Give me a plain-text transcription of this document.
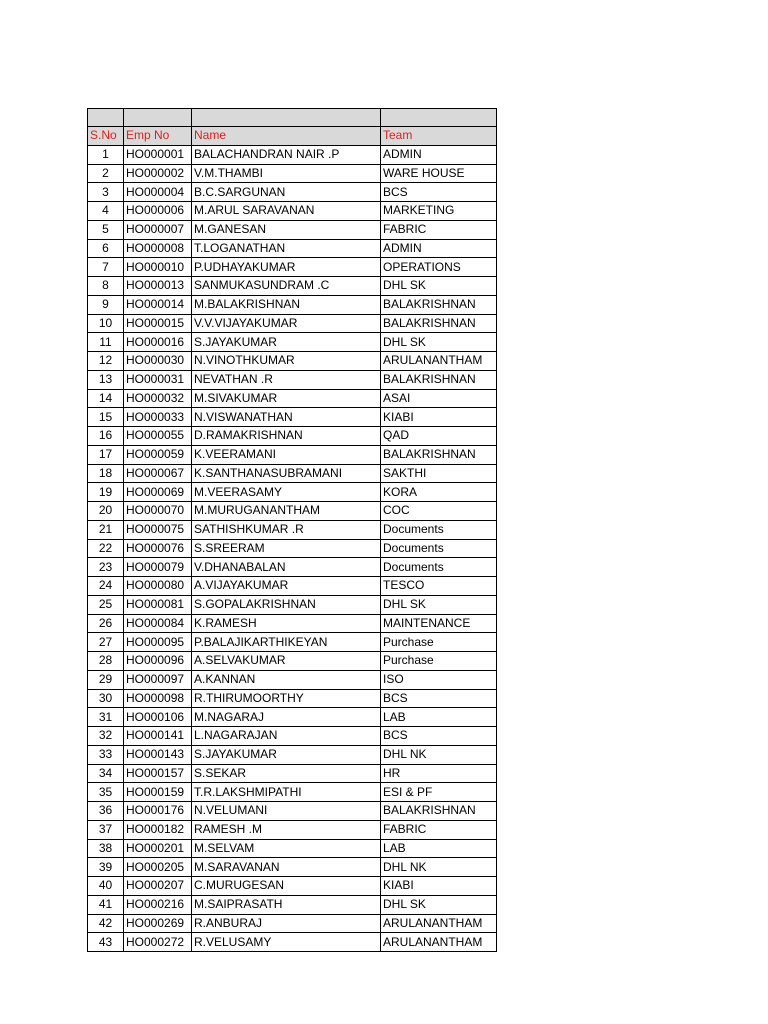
S.No	Emp No	Name	Team
1	HO000001	BALACHANDRAN NAIR .P	ADMIN
2	HO000002	V.M.THAMBI	WARE HOUSE
3	HO000004	B.C.SARGUNAN	BCS
4	HO000006	M.ARUL SARAVANAN	MARKETING
5	HO000007	M.GANESAN	FABRIC
6	HO000008	T.LOGANATHAN	ADMIN
7	HO000010	P.UDHAYAKUMAR	OPERATIONS
8	HO000013	SANMUKASUNDRAM .C	DHL SK
9	HO000014	M.BALAKRISHNAN	BALAKRISHNAN
10	HO000015	V.V.VIJAYAKUMAR	BALAKRISHNAN
11	HO000016	S.JAYAKUMAR	DHL SK
12	HO000030	N.VINOTHKUMAR	ARULANANTHAM
13	HO000031	NEVATHAN .R	BALAKRISHNAN
14	HO000032	M.SIVAKUMAR	ASAI
15	HO000033	N.VISWANATHAN	KIABI
16	HO000055	D.RAMAKRISHNAN	QAD
17	HO000059	K.VEERAMANI	BALAKRISHNAN
18	HO000067	K.SANTHANASUBRAMANI	SAKTHI
19	HO000069	M.VEERASAMY	KORA
20	HO000070	M.MURUGANANTHAM	COC
21	HO000075	SATHISHKUMAR .R	Documents
22	HO000076	S.SREERAM	Documents
23	HO000079	V.DHANABALAN	Documents
24	HO000080	A.VIJAYAKUMAR	TESCO
25	HO000081	S.GOPALAKRISHNAN	DHL SK
26	HO000084	K.RAMESH	MAINTENANCE
27	HO000095	P.BALAJIKARTHIKEYAN	Purchase
28	HO000096	A.SELVAKUMAR	Purchase
29	HO000097	A.KANNAN	ISO
30	HO000098	R.THIRUMOORTHY	BCS
31	HO000106	M.NAGARAJ	LAB
32	HO000141	L.NAGARAJAN	BCS
33	HO000143	S.JAYAKUMAR	DHL NK
34	HO000157	S.SEKAR	HR
35	HO000159	T.R.LAKSHMIPATHI	ESI & PF
36	HO000176	N.VELUMANI	BALAKRISHNAN
37	HO000182	RAMESH .M	FABRIC
38	HO000201	M.SELVAM	LAB
39	HO000205	M.SARAVANAN	DHL NK
40	HO000207	C.MURUGESAN	KIABI
41	HO000216	M.SAIPRASATH	DHL SK
42	HO000269	R.ANBURAJ	ARULANANTHAM
43	HO000272	R.VELUSAMY	ARULANANTHAM
